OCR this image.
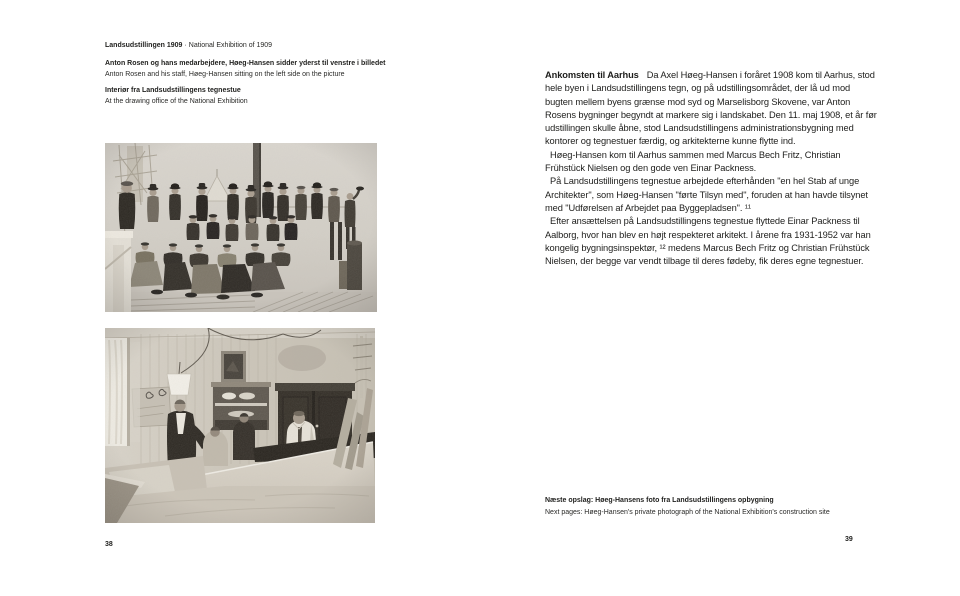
Landsudstillingen 1909 · National Exhibition of 1909
Anton Rosen og hans medarbejdere, Høeg-Hansen sidder yderst til venstre i billedet
Anton Rosen and his staff, Høeg-Hansen sitting on the left side on the picture
Interiør fra Landsudstillingens tegnestue
At the drawing office of the National Exhibition
38

Ankomsten til Aarhus Da Axel Høeg-Hansen i foråret 1908 kom til Aarhus, stod hele byen i Landsudstillingens tegn, og på udstillingsområdet, der lå ud mod bugten mellem byens grænse mod syd og Marselisborg Skovene, var Anton Rosens bygninger begyndt at markere sig i landskabet. Den 11. maj 1908, et år før udstillingen skulle åbne, stod Landsudstillingens administrationsbygning med kontorer og tegnestuer færdig, og arkitekterne kunne flytte ind.

Høeg-Hansen kom til Aarhus sammen med Marcus Bech Fritz, Christian Frühstück Nielsen og den gode ven Einar Packness.

På Landsudstillingens tegnestue arbejdede efterhånden "en hel Stab af unge Architekter", som Høeg-Hansen "førte Tilsyn med", foruden at han havde tilsynet med "Udførelsen af Arbejdet paa Byggepladsen". ¹¹

Efter ansættelsen på Landsudstillingens tegnestue flyttede Einar Packness til Aalborg, hvor han blev en højt respekteret arkitekt. I årene fra 1931-1952 var han kongelig bygningsinspektør, ¹² medens Marcus Bech Fritz og Christian Frühstück Nielsen, der begge var vendt tilbage til deres fødeby, fik deres egne tegnestuer.

Næste opslag: Høeg-Hansens foto fra Landsudstillingens opbygning
Next pages: Høeg-Hansen's private photograph of the National Exhibition's construction site
39
